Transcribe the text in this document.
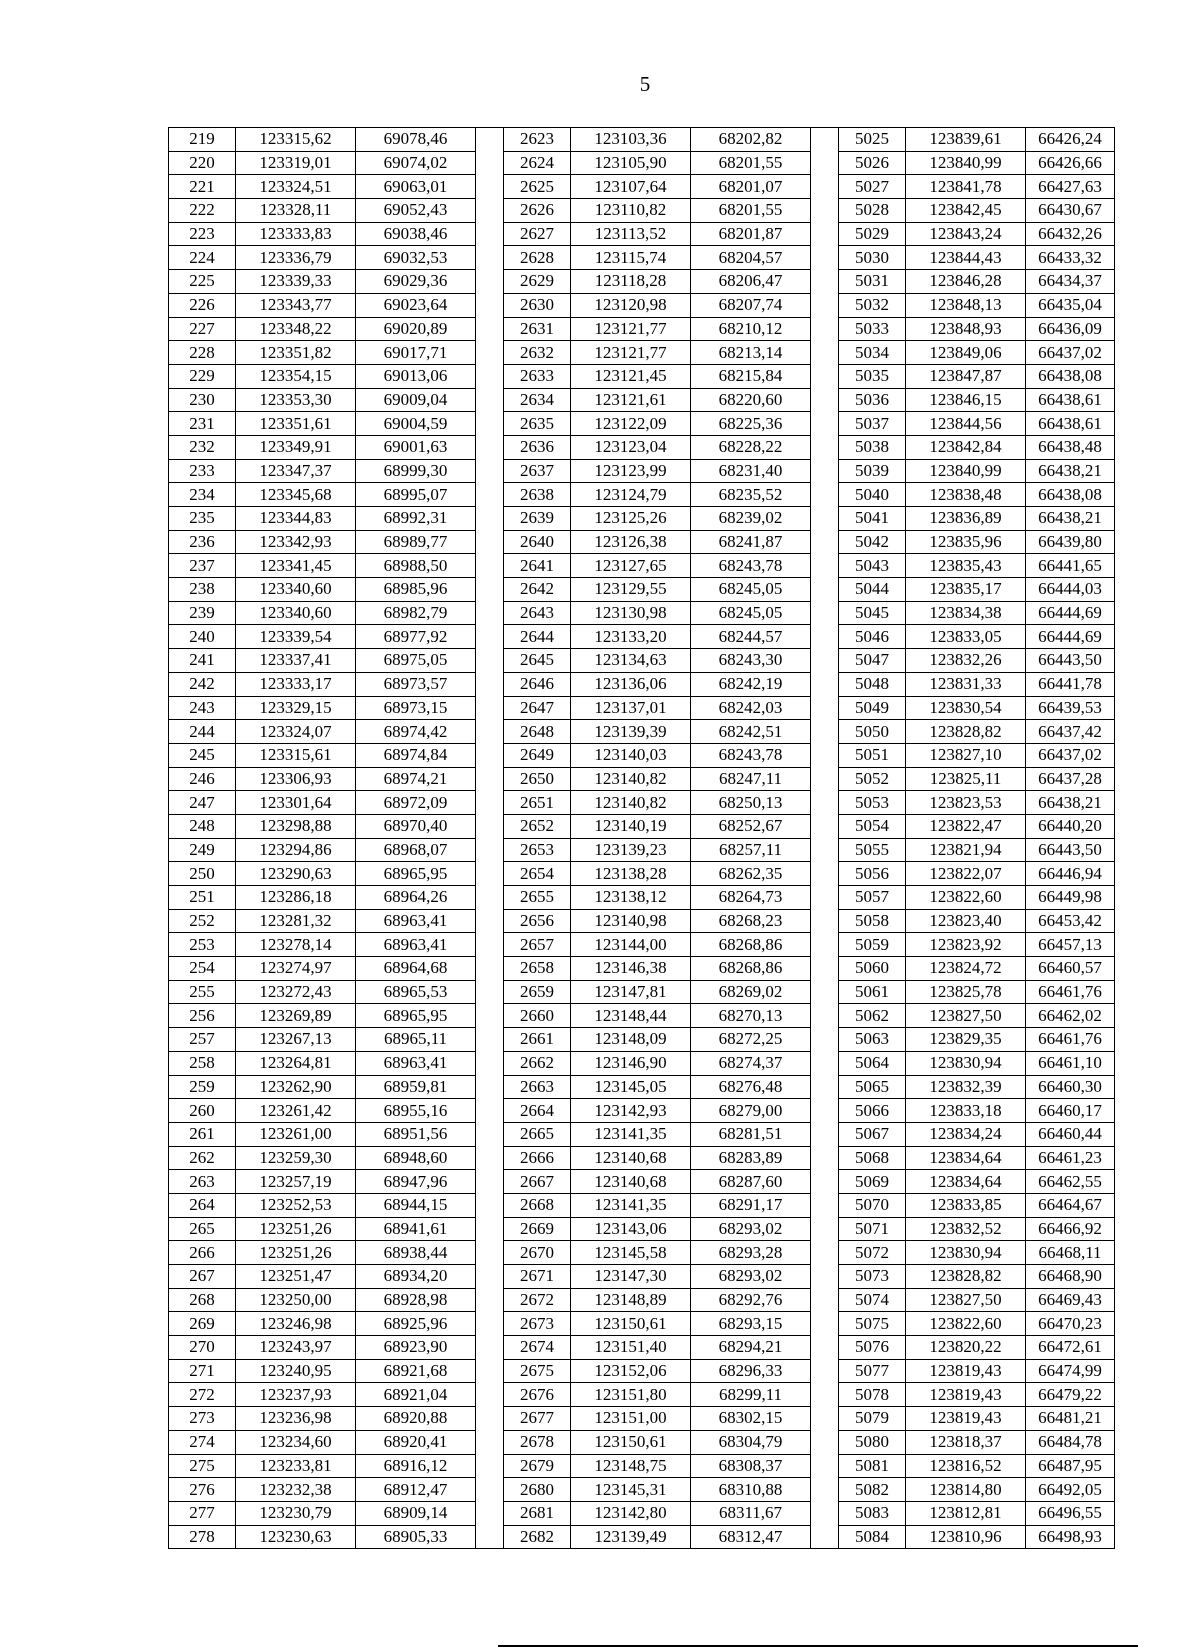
5
219	123315,62	69078,46		2623	123103,36	68202,82		5025	123839,61	66426,24
220	123319,01	69074,02		2624	123105,90	68201,55		5026	123840,99	66426,66
221	123324,51	69063,01		2625	123107,64	68201,07		5027	123841,78	66427,63
222	123328,11	69052,43		2626	123110,82	68201,55		5028	123842,45	66430,67
223	123333,83	69038,46		2627	123113,52	68201,87		5029	123843,24	66432,26
224	123336,79	69032,53		2628	123115,74	68204,57		5030	123844,43	66433,32
225	123339,33	69029,36		2629	123118,28	68206,47		5031	123846,28	66434,37
226	123343,77	69023,64		2630	123120,98	68207,74		5032	123848,13	66435,04
227	123348,22	69020,89		2631	123121,77	68210,12		5033	123848,93	66436,09
228	123351,82	69017,71		2632	123121,77	68213,14		5034	123849,06	66437,02
229	123354,15	69013,06		2633	123121,45	68215,84		5035	123847,87	66438,08
230	123353,30	69009,04		2634	123121,61	68220,60		5036	123846,15	66438,61
231	123351,61	69004,59		2635	123122,09	68225,36		5037	123844,56	66438,61
232	123349,91	69001,63		2636	123123,04	68228,22		5038	123842,84	66438,48
233	123347,37	68999,30		2637	123123,99	68231,40		5039	123840,99	66438,21
234	123345,68	68995,07		2638	123124,79	68235,52		5040	123838,48	66438,08
235	123344,83	68992,31		2639	123125,26	68239,02		5041	123836,89	66438,21
236	123342,93	68989,77		2640	123126,38	68241,87		5042	123835,96	66439,80
237	123341,45	68988,50		2641	123127,65	68243,78		5043	123835,43	66441,65
238	123340,60	68985,96		2642	123129,55	68245,05		5044	123835,17	66444,03
239	123340,60	68982,79		2643	123130,98	68245,05		5045	123834,38	66444,69
240	123339,54	68977,92		2644	123133,20	68244,57		5046	123833,05	66444,69
241	123337,41	68975,05		2645	123134,63	68243,30		5047	123832,26	66443,50
242	123333,17	68973,57		2646	123136,06	68242,19		5048	123831,33	66441,78
243	123329,15	68973,15		2647	123137,01	68242,03		5049	123830,54	66439,53
244	123324,07	68974,42		2648	123139,39	68242,51		5050	123828,82	66437,42
245	123315,61	68974,84		2649	123140,03	68243,78		5051	123827,10	66437,02
246	123306,93	68974,21		2650	123140,82	68247,11		5052	123825,11	66437,28
247	123301,64	68972,09		2651	123140,82	68250,13		5053	123823,53	66438,21
248	123298,88	68970,40		2652	123140,19	68252,67		5054	123822,47	66440,20
249	123294,86	68968,07		2653	123139,23	68257,11		5055	123821,94	66443,50
250	123290,63	68965,95		2654	123138,28	68262,35		5056	123822,07	66446,94
251	123286,18	68964,26		2655	123138,12	68264,73		5057	123822,60	66449,98
252	123281,32	68963,41		2656	123140,98	68268,23		5058	123823,40	66453,42
253	123278,14	68963,41		2657	123144,00	68268,86		5059	123823,92	66457,13
254	123274,97	68964,68		2658	123146,38	68268,86		5060	123824,72	66460,57
255	123272,43	68965,53		2659	123147,81	68269,02		5061	123825,78	66461,76
256	123269,89	68965,95		2660	123148,44	68270,13		5062	123827,50	66462,02
257	123267,13	68965,11		2661	123148,09	68272,25		5063	123829,35	66461,76
258	123264,81	68963,41		2662	123146,90	68274,37		5064	123830,94	66461,10
259	123262,90	68959,81		2663	123145,05	68276,48		5065	123832,39	66460,30
260	123261,42	68955,16		2664	123142,93	68279,00		5066	123833,18	66460,17
261	123261,00	68951,56		2665	123141,35	68281,51		5067	123834,24	66460,44
262	123259,30	68948,60		2666	123140,68	68283,89		5068	123834,64	66461,23
263	123257,19	68947,96		2667	123140,68	68287,60		5069	123834,64	66462,55
264	123252,53	68944,15		2668	123141,35	68291,17		5070	123833,85	66464,67
265	123251,26	68941,61		2669	123143,06	68293,02		5071	123832,52	66466,92
266	123251,26	68938,44		2670	123145,58	68293,28		5072	123830,94	66468,11
267	123251,47	68934,20		2671	123147,30	68293,02		5073	123828,82	66468,90
268	123250,00	68928,98		2672	123148,89	68292,76		5074	123827,50	66469,43
269	123246,98	68925,96		2673	123150,61	68293,15		5075	123822,60	66470,23
270	123243,97	68923,90		2674	123151,40	68294,21		5076	123820,22	66472,61
271	123240,95	68921,68		2675	123152,06	68296,33		5077	123819,43	66474,99
272	123237,93	68921,04		2676	123151,80	68299,11		5078	123819,43	66479,22
273	123236,98	68920,88		2677	123151,00	68302,15		5079	123819,43	66481,21
274	123234,60	68920,41		2678	123150,61	68304,79		5080	123818,37	66484,78
275	123233,81	68916,12		2679	123148,75	68308,37		5081	123816,52	66487,95
276	123232,38	68912,47		2680	123145,31	68310,88		5082	123814,80	66492,05
277	123230,79	68909,14		2681	123142,80	68311,67		5083	123812,81	66496,55
278	123230,63	68905,33		2682	123139,49	68312,47		5084	123810,96	66498,93
